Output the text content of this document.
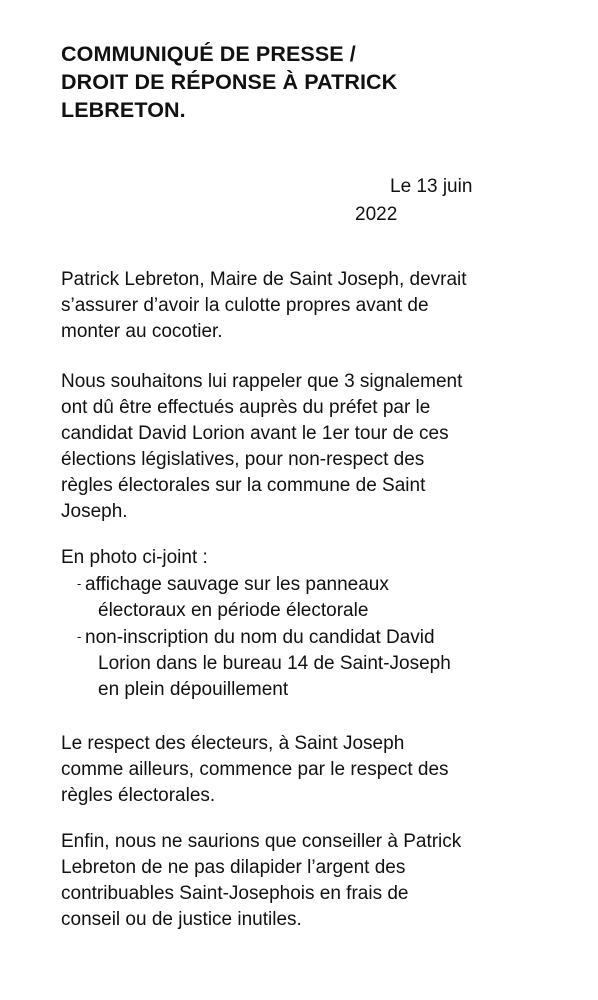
COMMUNIQUÉ DE PRESSE /
DROIT DE RÉPONSE À PATRICK
LEBRETON.
Le 13 juin
2022
Patrick Lebreton, Maire de Saint Joseph, devrait
s’assurer d’avoir la culotte propres avant de
monter au cocotier.
Nous souhaitons lui rappeler que 3 signalement
ont dû être effectués auprès du préfet par le
candidat David Lorion avant le 1er tour de ces
élections législatives, pour non-respect des
règles électorales sur la commune de Saint
Joseph.
En photo ci-joint :
- affichage sauvage sur les panneaux
électoraux en période électorale
- non-inscription du nom du candidat David
Lorion dans le bureau 14 de Saint-Joseph
en plein dépouillement
Le respect des électeurs, à Saint Joseph
comme ailleurs, commence par le respect des
règles électorales.
Enfin, nous ne saurions que conseiller à Patrick
Lebreton de ne pas dilapider l’argent des
contribuables Saint-Josephois en frais de
conseil ou de justice inutiles.
